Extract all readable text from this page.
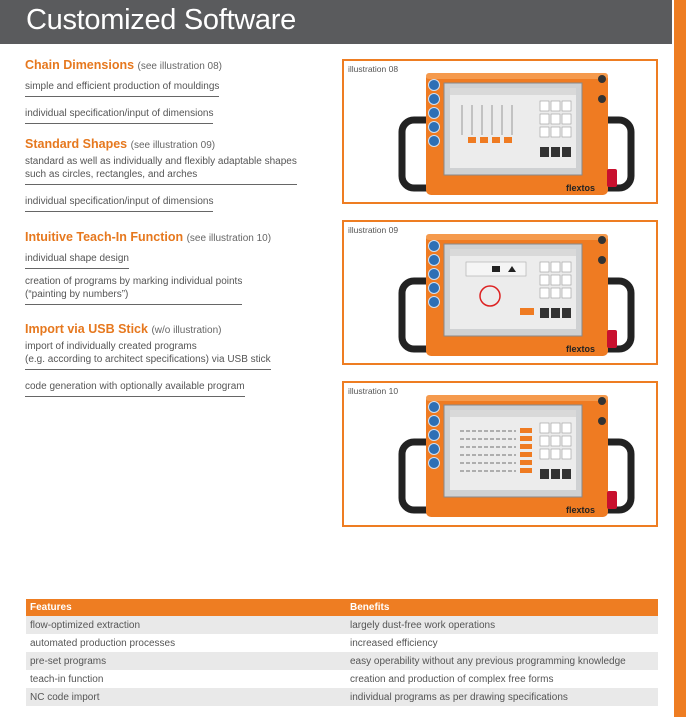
Customized Software
Chain Dimensions (see illustration 08)
simple and efficient production of mouldings

individual specification/input of dimensions
Standard Shapes (see illustration 09)
standard as well as individually and flexibly adaptable shapes
such as circles, rectangles, and arches

individual specification/input of dimensions
Intuitive Teach-In Function (see illustration 10)
individual shape design

creation of programs by marking individual points
(“painting by numbers”)
Import via USB Stick (w/o illustration)
import of individually created programs
(e.g. according to architect specifications) via USB stick

code generation with optionally available program
illustration 08
flextos
illustration 09
flextos
illustration 10
flextos
Features	Benefits
flow-optimized extraction	largely dust-free work operations
automated production processes	increased efficiency
pre-set programs	easy operability without any previous programming knowledge
teach-in function	creation and production of complex free forms
NC code import	individual programs as per drawing specifications
